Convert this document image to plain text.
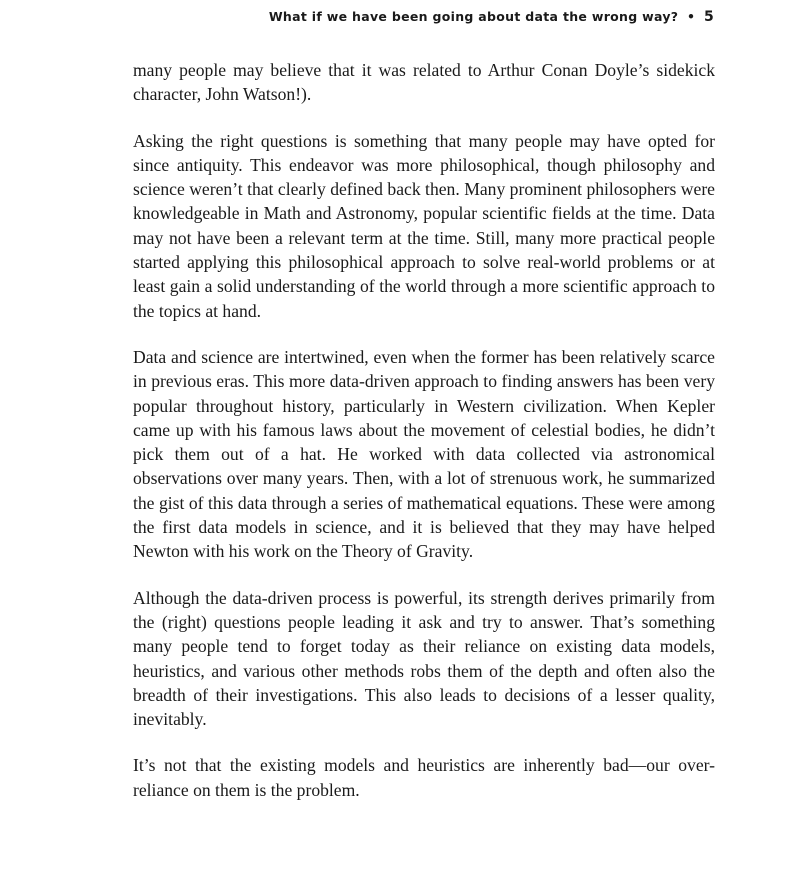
What if we have been going about data the wrong way? • 5

many people may believe that it was related to Arthur Conan Doyle’s sidekick character, John Watson!).

Asking the right questions is something that many people may have opted for since antiquity. This endeavor was more philosophical, though philosophy and science weren’t that clearly defined back then. Many prominent philosophers were knowledgeable in Math and Astronomy, popular scientific fields at the time. Data may not have been a relevant term at the time. Still, many more practical people started applying this philosophical approach to solve real-world problems or at least gain a solid understanding of the world through a more scientific approach to the topics at hand.

Data and science are intertwined, even when the former has been relatively scarce in previous eras. This more data-driven approach to finding answers has been very popular throughout history, particularly in Western civilization. When Kepler came up with his famous laws about the movement of celestial bodies, he didn’t pick them out of a hat. He worked with data collected via astronomical observations over many years. Then, with a lot of strenuous work, he summarized the gist of this data through a series of mathematical equations. These were among the first data models in science, and it is believed that they may have helped Newton with his work on the Theory of Gravity.

Although the data-driven process is powerful, its strength derives primarily from the (right) questions people leading it ask and try to answer. That’s something many people tend to forget today as their reliance on existing data models, heuristics, and various other methods robs them of the depth and often also the breadth of their investigations. This also leads to decisions of a lesser quality, inevitably.

It’s not that the existing models and heuristics are inherently bad—our over-reliance on them is the problem.
